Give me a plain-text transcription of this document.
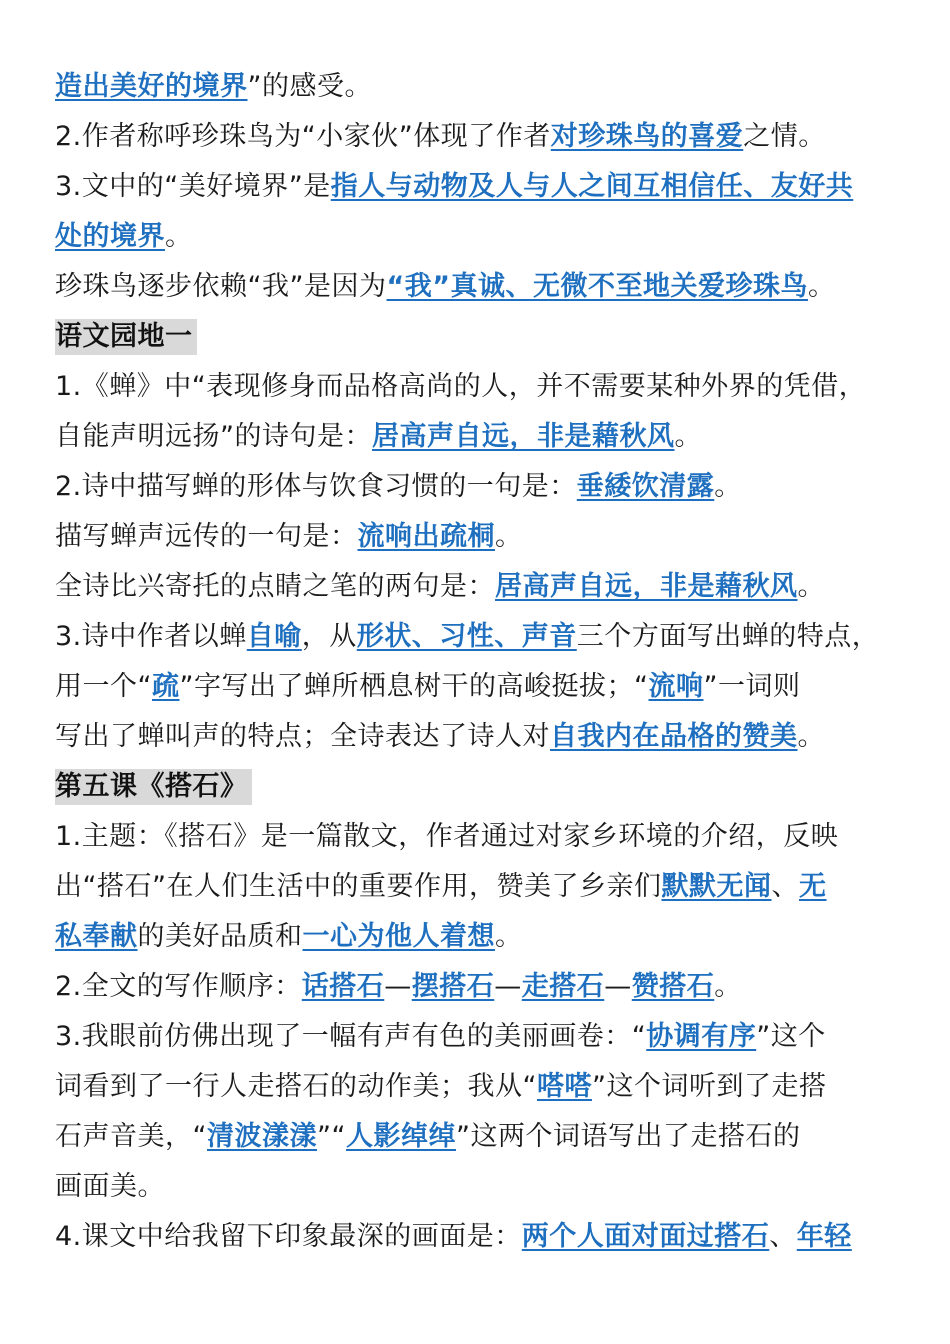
造出美好的境界”的感受。
2.作者称呼珍珠鸟为“小家伙”体现了作者对珍珠鸟的喜爱之情。
3.文中的“美好境界”是指人与动物及人与人之间互相信任、友好共
处的境界。
珍珠鸟逐步依赖“我”是因为“我”真诚、无微不至地关爱珍珠鸟。
语文园地一
1.《蝉》中“表现修身而品格高尚的人，并不需要某种外界的凭借，
自能声明远扬”的诗句是：居高声自远，非是藉秋风。
2.诗中描写蝉的形体与饮食习惯的一句是：垂緌饮清露。
描写蝉声远传的一句是：流响出疏桐。
全诗比兴寄托的点睛之笔的两句是：居高声自远，非是藉秋风。
3.诗中作者以蝉自喻，从形状、习性、声音三个方面写出蝉的特点，
用一个“疏”字写出了蝉所栖息树干的高峻挺拔；“流响”一词则
写出了蝉叫声的特点；全诗表达了诗人对自我内在品格的赞美。
第五课《搭石》
1.主题：《搭石》是一篇散文，作者通过对家乡环境的介绍，反映
出“搭石”在人们生活中的重要作用，赞美了乡亲们默默无闻、无
私奉献的美好品质和一心为他人着想。
2.全文的写作顺序：话搭石—摆搭石—走搭石—赞搭石。
3.我眼前仿佛出现了一幅有声有色的美丽画卷：“协调有序”这个
词看到了一行人走搭石的动作美；我从“嗒嗒”这个词听到了走搭
石声音美，“清波漾漾”“人影绰绰”这两个词语写出了走搭石的
画面美。
4.课文中给我留下印象最深的画面是：两个人面对面过搭石、年轻
